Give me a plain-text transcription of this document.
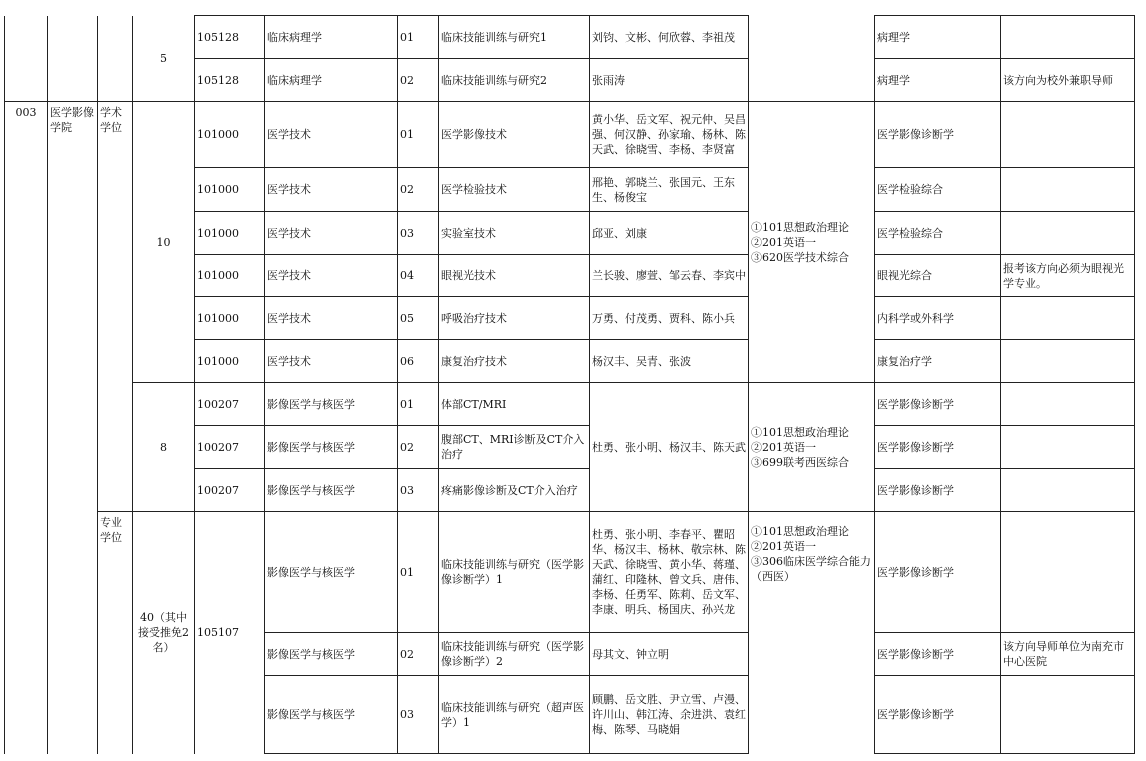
			5	105128	临床病理学	01	临床技能训练与研究1	刘钧、文彬、何欣蓉、李祖茂		病理学	
				105128	临床病理学	02	临床技能训练与研究2	张雨涛		病理学	该方向为校外兼职导师
003	医学影像学院	学术学位	10	101000	医学技术	01	医学影像技术	黄小华、岳文军、祝元仲、吴昌强、何汉静、孙家瑜、杨林、陈天武、徐晓雪、李杨、李贤富	①101思想政治理论
②201英语一
③620医学技术综合	医学影像诊断学	
				101000	医学技术	02	医学检验技术	邢艳、郭晓兰、张国元、王东生、杨俊宝		医学检验综合	
				101000	医学技术	03	实验室技术	邱亚、刘康		医学检验综合	
				101000	医学技术	04	眼视光技术	兰长骏、廖萱、邹云春、李宾中		眼视光综合	报考该方向必须为眼视光学专业。
				101000	医学技术	05	呼吸治疗技术	万勇、付茂勇、贾科、陈小兵		内科学或外科学	
				101000	医学技术	06	康复治疗技术	杨汉丰、吴青、张波		康复治疗学	
			8	100207	影像医学与核医学	01	体部CT/MRI	杜勇、张小明、杨汉丰、陈天武	①101思想政治理论
②201英语一
③699联考西医综合	医学影像诊断学	
				100207	影像医学与核医学	02	腹部CT、MRI诊断及CT介入治疗			医学影像诊断学	
				100207	影像医学与核医学	03	疼痛影像诊断及CT介入治疗			医学影像诊断学	
		专业学位	40（其中接受推免2名）	105107	影像医学与核医学	01	临床技能训练与研究（医学影像诊断学）1	杜勇、张小明、李春平、瞿昭华、杨汉丰、杨林、敬宗林、陈天武、徐晓雪、黄小华、蒋瑾、蒲红、印隆林、曾文兵、唐伟、李杨、任勇军、陈莉、岳文军、李康、明兵、杨国庆、孙兴龙	①101思想政治理论
②201英语一
③306临床医学综合能力（西医）	医学影像诊断学	
					影像医学与核医学	02	临床技能训练与研究（医学影像诊断学）2	母其文、钟立明		医学影像诊断学	该方向导师单位为南充市中心医院
					影像医学与核医学	03	临床技能训练与研究（超声医学）1	顾鹏、岳文胜、尹立雪、卢漫、许川山、韩江涛、余进洪、袁红梅、陈琴、马晓娟		医学影像诊断学	
